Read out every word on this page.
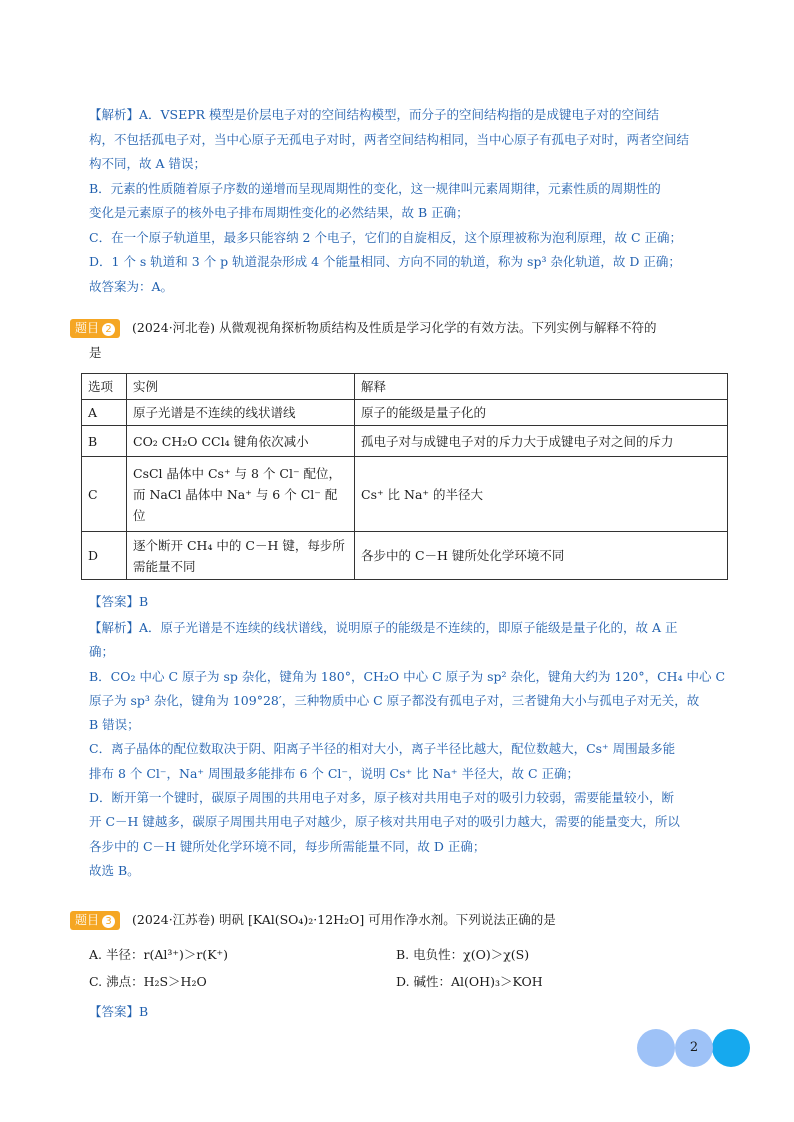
【解析】A．VSEPR 模型是价层电子对的空间结构模型，而分子的空间结构指的是成键电子对的空间结
构，不包括孤电子对，当中心原子无孤电子对时，两者空间结构相同，当中心原子有孤电子对时，两者空间结
构不同，故 A 错误；
B．元素的性质随着原子序数的递增而呈现周期性的变化，这一规律叫元素周期律，元素性质的周期性的
变化是元素原子的核外电子排布周期性变化的必然结果，故 B 正确；
C．在一个原子轨道里，最多只能容纳 2 个电子，它们的自旋相反，这个原理被称为泡利原理，故 C 正确；
D．1 个 s 轨道和 3 个 p 轨道混杂形成 4 个能量相同、方向不同的轨道，称为 sp³ 杂化轨道，故 D 正确；
故答案为：A。
题目 2 (2024·河北卷) 从微观视角探析物质结构及性质是学习化学的有效方法。下列实例与解释不符的
是
选项	实例	解释
A	原子光谱是不连续的线状谱线	原子的能级是量子化的
B	CO₂ CH₂O CCl₄ 键角依次减小	孤电子对与成键电子对的斥力大于成键电子对之间的斥力
C	CsCl 晶体中 Cs⁺ 与 8 个 Cl⁻ 配位，而 NaCl 晶体中 Na⁺ 与 6 个 Cl⁻ 配位	Cs⁺ 比 Na⁺ 的半径大
D	逐个断开 CH₄ 中的 C－H 键，每步所需能量不同	各步中的 C－H 键所处化学环境不同
【答案】B
【解析】A．原子光谱是不连续的线状谱线，说明原子的能级是不连续的，即原子能级是量子化的，故 A 正
确；
B．CO₂ 中心 C 原子为 sp 杂化，键角为 180°，CH₂O 中心 C 原子为 sp² 杂化，键角大约为 120°，CH₄ 中心 C
原子为 sp³ 杂化，键角为 109°28′，三种物质中心 C 原子都没有孤电子对，三者键角大小与孤电子对无关，故
B 错误；
C．离子晶体的配位数取决于阴、阳离子半径的相对大小，离子半径比越大，配位数越大，Cs⁺ 周围最多能
排布 8 个 Cl⁻，Na⁺ 周围最多能排布 6 个 Cl⁻，说明 Cs⁺ 比 Na⁺ 半径大，故 C 正确；
D．断开第一个键时，碳原子周围的共用电子对多，原子核对共用电子对的吸引力较弱，需要能量较小，断
开 C－H 键越多，碳原子周围共用电子对越少，原子核对共用电子对的吸引力越大，需要的能量变大，所以
各步中的 C－H 键所处化学环境不同，每步所需能量不同，故 D 正确；
故选 B。
题目 3 (2024·江苏卷) 明矾 [KAl(SO₄)₂·12H₂O] 可用作净水剂。下列说法正确的是
A. 半径：r(Al³⁺)＞r(K⁺)	B. 电负性：χ(O)＞χ(S)
C. 沸点：H₂S＞H₂O	D. 碱性：Al(OH)₃＞KOH
【答案】B
2
